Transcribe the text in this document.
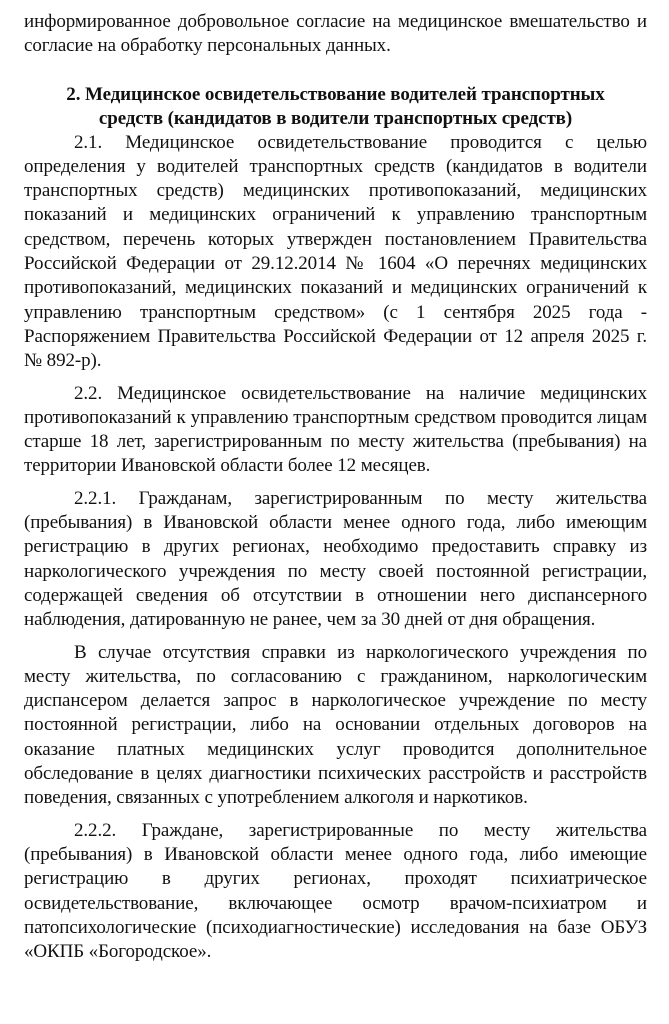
информированное добровольное согласие на медицинское вмешательство и согласие на обработку персональных данных.

2. Медицинское освидетельствование водителей транспортных
средств (кандидатов в водители транспортных средств)

2.1. Медицинское освидетельствование проводится с целью определения у водителей транспортных средств (кандидатов в водители транспортных средств) медицинских противопоказаний, медицинских показаний и медицинских ограничений к управлению транспортным средством, перечень которых утвержден постановлением Правительства Российской Федерации от 29.12.2014 № 1604 «О перечнях медицинских противопоказаний, медицинских показаний и медицинских ограничений к управлению транспортным средством» (с 1 сентября 2025 года - Распоряжением Правительства Российской Федерации от 12 апреля 2025 г. № 892-р).

2.2. Медицинское освидетельствование на наличие медицинских противопоказаний к управлению транспортным средством проводится лицам старше 18 лет, зарегистрированным по месту жительства (пребывания) на территории Ивановской области более 12 месяцев.

2.2.1. Гражданам, зарегистрированным по месту жительства (пребывания) в Ивановской области менее одного года, либо имеющим регистрацию в других регионах, необходимо предоставить справку из наркологического учреждения по месту своей постоянной регистрации, содержащей сведения об отсутствии в отношении него диспансерного наблюдения, датированную не ранее, чем за 30 дней от дня обращения.

В случае отсутствия справки из наркологического учреждения по месту жительства, по согласованию с гражданином, наркологическим диспансером делается запрос в наркологическое учреждение по месту постоянной регистрации, либо на основании отдельных договоров на оказание платных медицинских услуг проводится дополнительное обследование в целях диагностики психических расстройств и расстройств поведения, связанных с употреблением алкоголя и наркотиков.

2.2.2. Граждане, зарегистрированные по месту жительства (пребывания) в Ивановской области менее одного года, либо имеющие регистрацию в других регионах, проходят психиатрическое освидетельствование, включающее осмотр врачом-психиатром и патопсихологические (психодиагностические) исследования на базе ОБУЗ «ОКПБ «Богородское».
